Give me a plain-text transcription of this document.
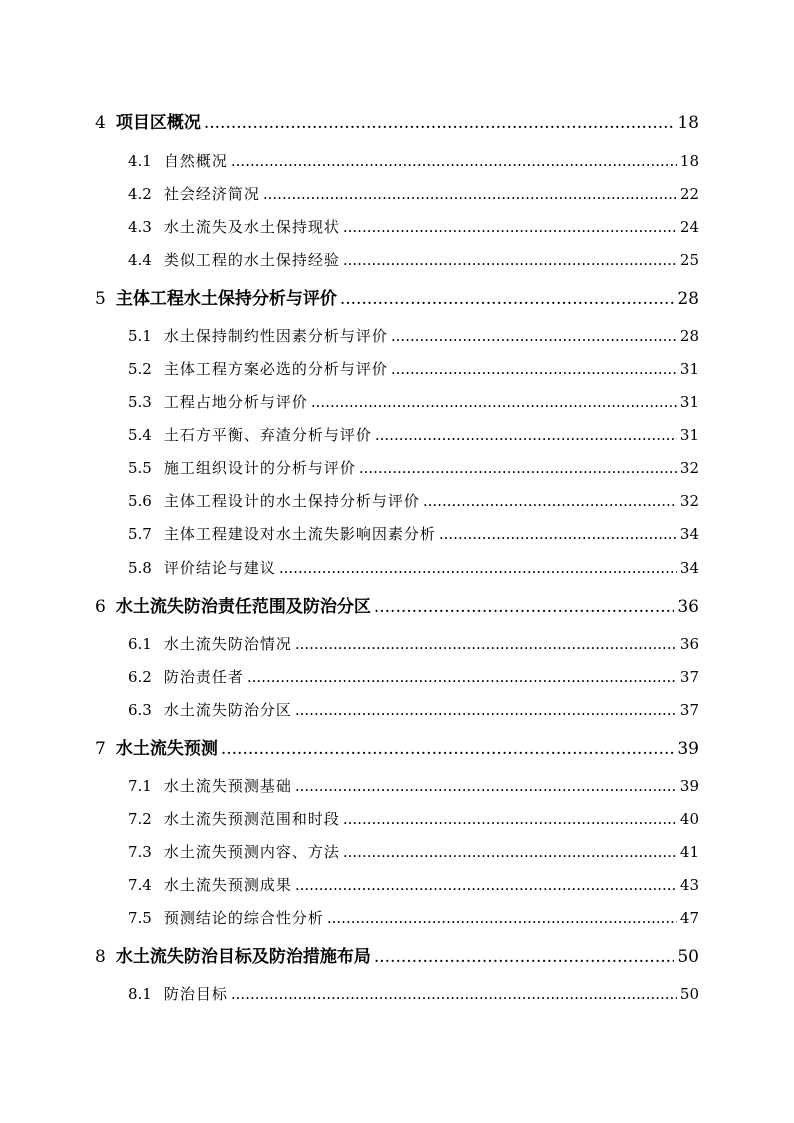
4 项目区概况 .....	18
4.1 自然概况 .....	18
4.2 社会经济简况 .....	22
4.3 水土流失及水土保持现状 .....	24
4.4 类似工程的水土保持经验 .....	25
5 主体工程水土保持分析与评价 .....	28
5.1 水土保持制约性因素分析与评价 .....	28
5.2 主体工程方案必选的分析与评价 .....	31
5.3 工程占地分析与评价 .....	31
5.4 土石方平衡、弃渣分析与评价 .....	31
5.5 施工组织设计的分析与评价 .....	32
5.6 主体工程设计的水土保持分析与评价 .....	32
5.7 主体工程建设对水土流失影响因素分析 .....	34
5.8 评价结论与建议 .....	34
6 水土流失防治责任范围及防治分区 .....	36
6.1 水土流失防治情况 .....	36
6.2 防治责任者 .....	37
6.3 水土流失防治分区 .....	37
7 水土流失预测 .....	39
7.1 水土流失预测基础 .....	39
7.2 水土流失预测范围和时段 .....	40
7.3 水土流失预测内容、方法 .....	41
7.4 水土流失预测成果 .....	43
7.5 预测结论的综合性分析 .....	47
8 水土流失防治目标及防治措施布局 .....	50
8.1 防治目标 .....	50
